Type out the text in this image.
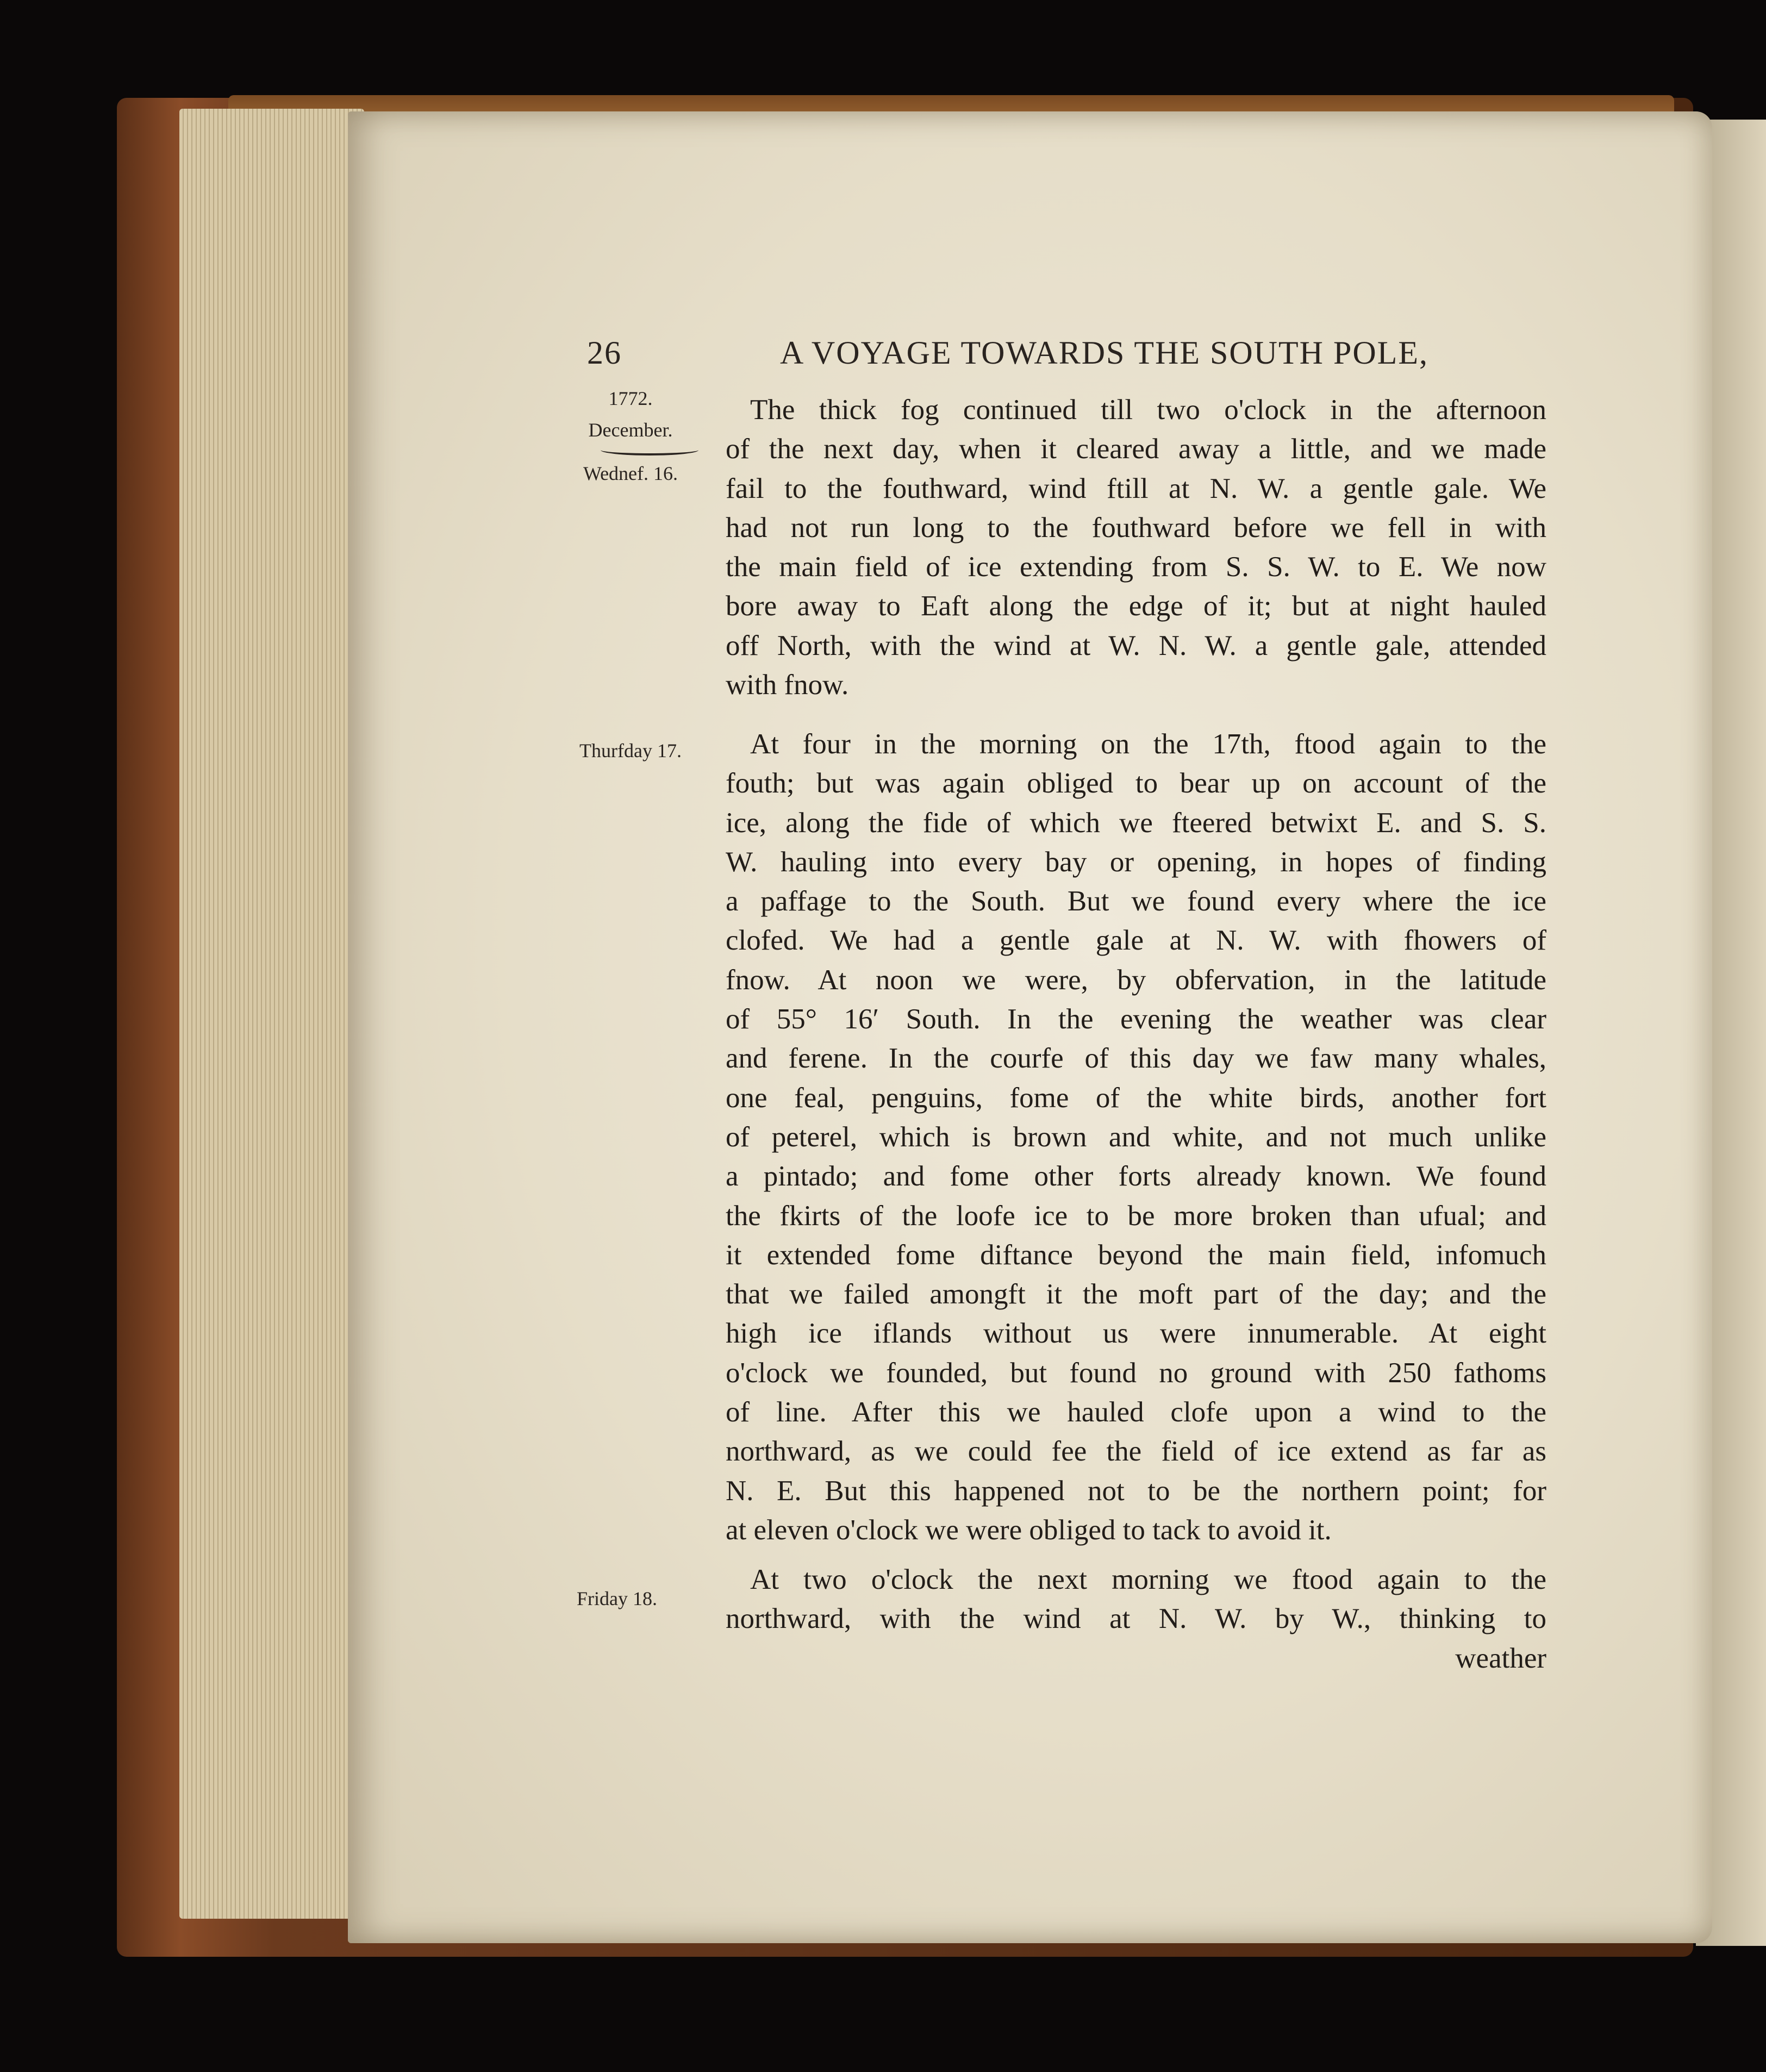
26	A VOYAGE TOWARDS THE SOUTH POLE,
1772.
December.
Wednef. 16.
Thurfday 17.
Friday 18.
The thick fog continued till two o'clock in the afternoon
of the next day, when it cleared away a little, and we made
fail to the fouthward, wind ftill at N. W. a gentle gale. We
had not run long to the fouthward before we fell in with
the main field of ice extending from S. S. W. to E. We now
bore away to Eaft along the edge of it; but at night hauled
off North, with the wind at W. N. W. a gentle gale, attended
with fnow.
At four in the morning on the 17th, ftood again to the
fouth; but was again obliged to bear up on account of the
ice, along the fide of which we fteered betwixt E. and S. S.
W. hauling into every bay or opening, in hopes of finding
a paffage to the South. But we found every where the ice
clofed. We had a gentle gale at N. W. with fhowers of
fnow. At noon we were, by obfervation, in the latitude
of 55° 16′ South. In the evening the weather was clear
and ferene. In the courfe of this day we faw many whales,
one feal, penguins, fome of the white birds, another fort
of peterel, which is brown and white, and not much unlike
a pintado; and fome other forts already known. We found
the fkirts of the loofe ice to be more broken than ufual; and
it extended fome diftance beyond the main field, infomuch
that we failed amongft it the moft part of the day; and the
high ice iflands without us were innumerable. At eight
o'clock we founded, but found no ground with 250 fathoms
of line. After this we hauled clofe upon a wind to the
northward, as we could fee the field of ice extend as far as
N. E. But this happened not to be the northern point; for
at eleven o'clock we were obliged to tack to avoid it.
At two o'clock the next morning we ftood again to the
northward, with the wind at N. W. by W., thinking to
weather
